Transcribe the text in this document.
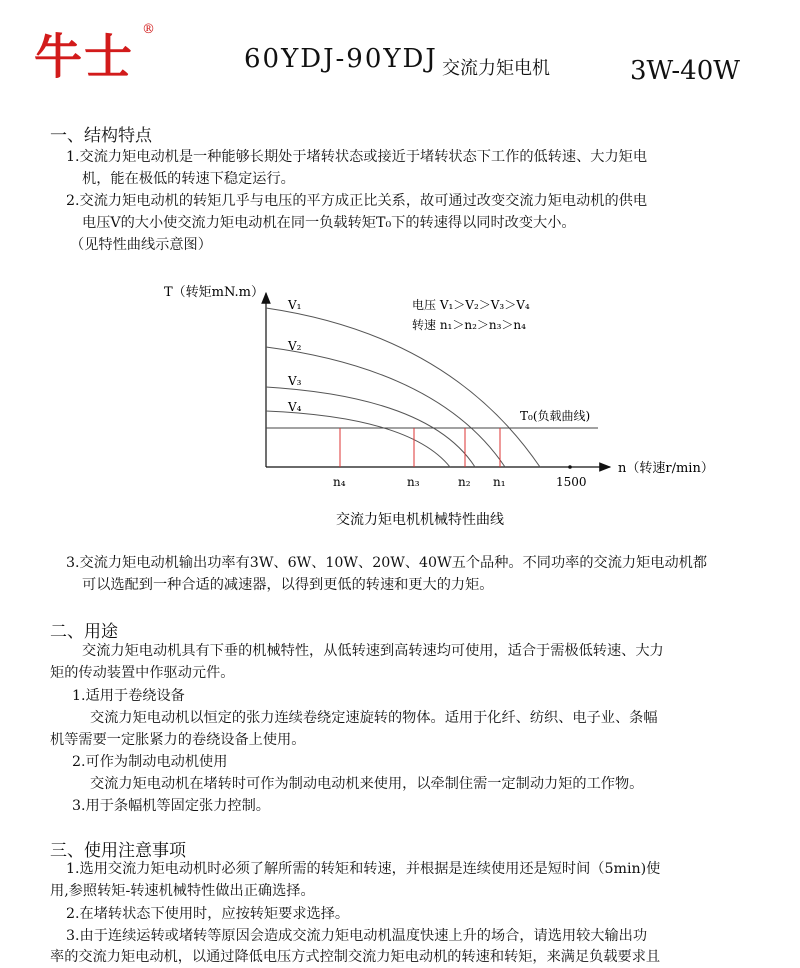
牛士 ®
60YDJ-90YDJ 交流力矩电机	3W-40W
一、结构特点
1.交流力矩电动机是一种能够长期处于堵转状态或接近于堵转状态下工作的低转速、大力矩电
机，能在极低的转速下稳定运行。
2.交流力矩电动机的转矩几乎与电压的平方成正比关系，故可通过改变交流力矩电动机的供电
电压V的大小使交流力矩电动机在同一负载转矩T₀下的转速得以同时改变大小。
（见特性曲线示意图）
T（转矩mN.m）
n（转速r/min）
1500
V₁
V₂
V₃
V₄
电压 V₁＞V₂＞V₃＞V₄
转速 n₁＞n₂＞n₃＞n₄
T₀(负载曲线)
n₄	n₃	n₂ n₁
交流力矩电机机械特性曲线
3.交流力矩电动机输出功率有3W、6W、10W、20W、40W五个品种。不同功率的交流力矩电动机都
可以选配到一种合适的减速器，以得到更低的转速和更大的力矩。
二、用途
交流力矩电动机具有下垂的机械特性，从低转速到高转速均可使用，适合于需极低转速、大力
矩的传动装置中作驱动元件。
1.适用于卷绕设备
交流力矩电动机以恒定的张力连续卷绕定速旋转的物体。适用于化纤、纺织、电子业、条幅
机等需要一定胀紧力的卷绕设备上使用。
2.可作为制动电动机使用
交流力矩电动机在堵转时可作为制动电动机来使用，以牵制住需一定制动力矩的工作物。
3.用于条幅机等固定张力控制。
三、使用注意事项
1.选用交流力矩电动机时必须了解所需的转矩和转速，并根据是连续使用还是短时间（5min)使
用,参照转矩-转速机械特性做出正确选择。
2.在堵转状态下使用时，应按转矩要求选择。
3.由于连续运转或堵转等原因会造成交流力矩电动机温度快速上升的场合，请选用较大输出功
率的交流力矩电动机，以通过降低电压方式控制交流力矩电动机的转速和转矩，来满足负载要求且
